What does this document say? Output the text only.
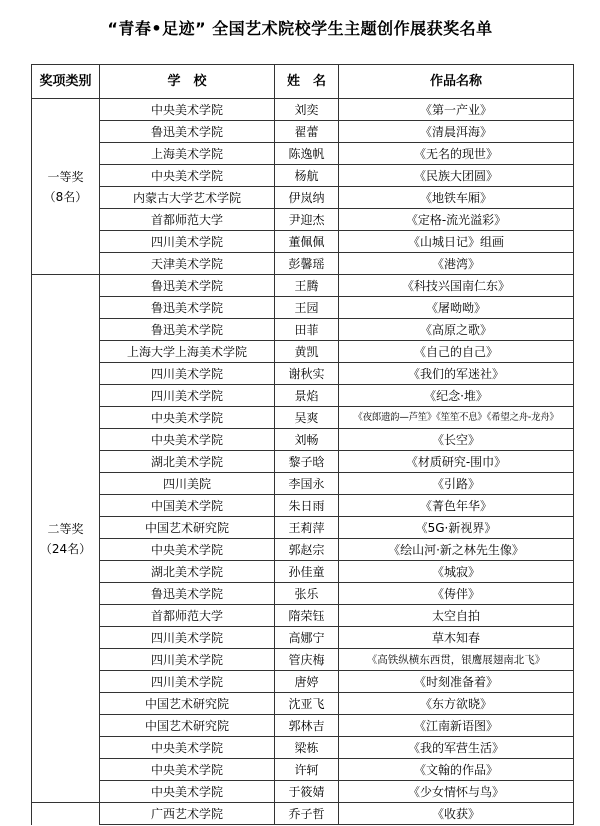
“青春•足迹” 全国艺术院校学生主题创作展获奖名单
奖项类别	学　校	姓　名	作品名称

一等奖
（8名）	中央美术学院	刘奕	《第一产业》
	鲁迅美术学院	翟蕾	《清晨洱海》
	上海美术学院	陈逸帆	《无名的现世》
	中央美术学院	杨航	《民族大团圆》
	内蒙古大学艺术学院	伊岚纳	《地铁车厢》
	首都师范大学	尹迎杰	《定格-流光溢彩》
	四川美术学院	董佩佩	《山城日记》组画
	天津美术学院	彭馨瑶	《港湾》

二等奖
（24名）	鲁迅美术学院	王腾	《科技兴国南仁东》
	鲁迅美术学院	王园	《屠呦呦》
	鲁迅美术学院	田菲	《高原之歌》
	上海大学上海美术学院	黄凯	《自己的自己》
	四川美术学院	谢秋实	《我们的军迷社》
	四川美术学院	景焰	《纪念·堆》
	中央美术学院	吴爽	《夜郎遗韵—芦笙》《笙笙不息》《希望之舟-龙舟》
	中央美术学院	刘畅	《长空》
	湖北美术学院	黎子晗	《材质研究-围巾》
	四川美院	李国永	《引路》
	中国美术学院	朱日雨	《菁色年华》
	中国艺术研究院	王莉萍	《5G·新视界》
	中央美术学院	郭赵宗	《绘山河·新之林先生像》
	湖北美术学院	孙佳童	《城寂》
	鲁迅美术学院	张乐	《俦伴》
	首都师范大学	隋荣钰	太空自拍
	四川美术学院	高娜宁	草木知春
	四川美术学院	管庆梅	《高铁纵横东西贯，银鹰展翅南北飞》
	四川美术学院	唐婷	《时刻准备着》
	中国艺术研究院	沈亚飞	《东方欲晓》
	中国艺术研究院	郭林吉	《江南新语图》
	中央美术学院	梁栋	《我的军营生活》
	中央美术学院	许轲	《文翰的作品》
	中央美术学院	于筱婧	《少女情怀与鸟》

	广西艺术学院	乔子哲	《收获》
